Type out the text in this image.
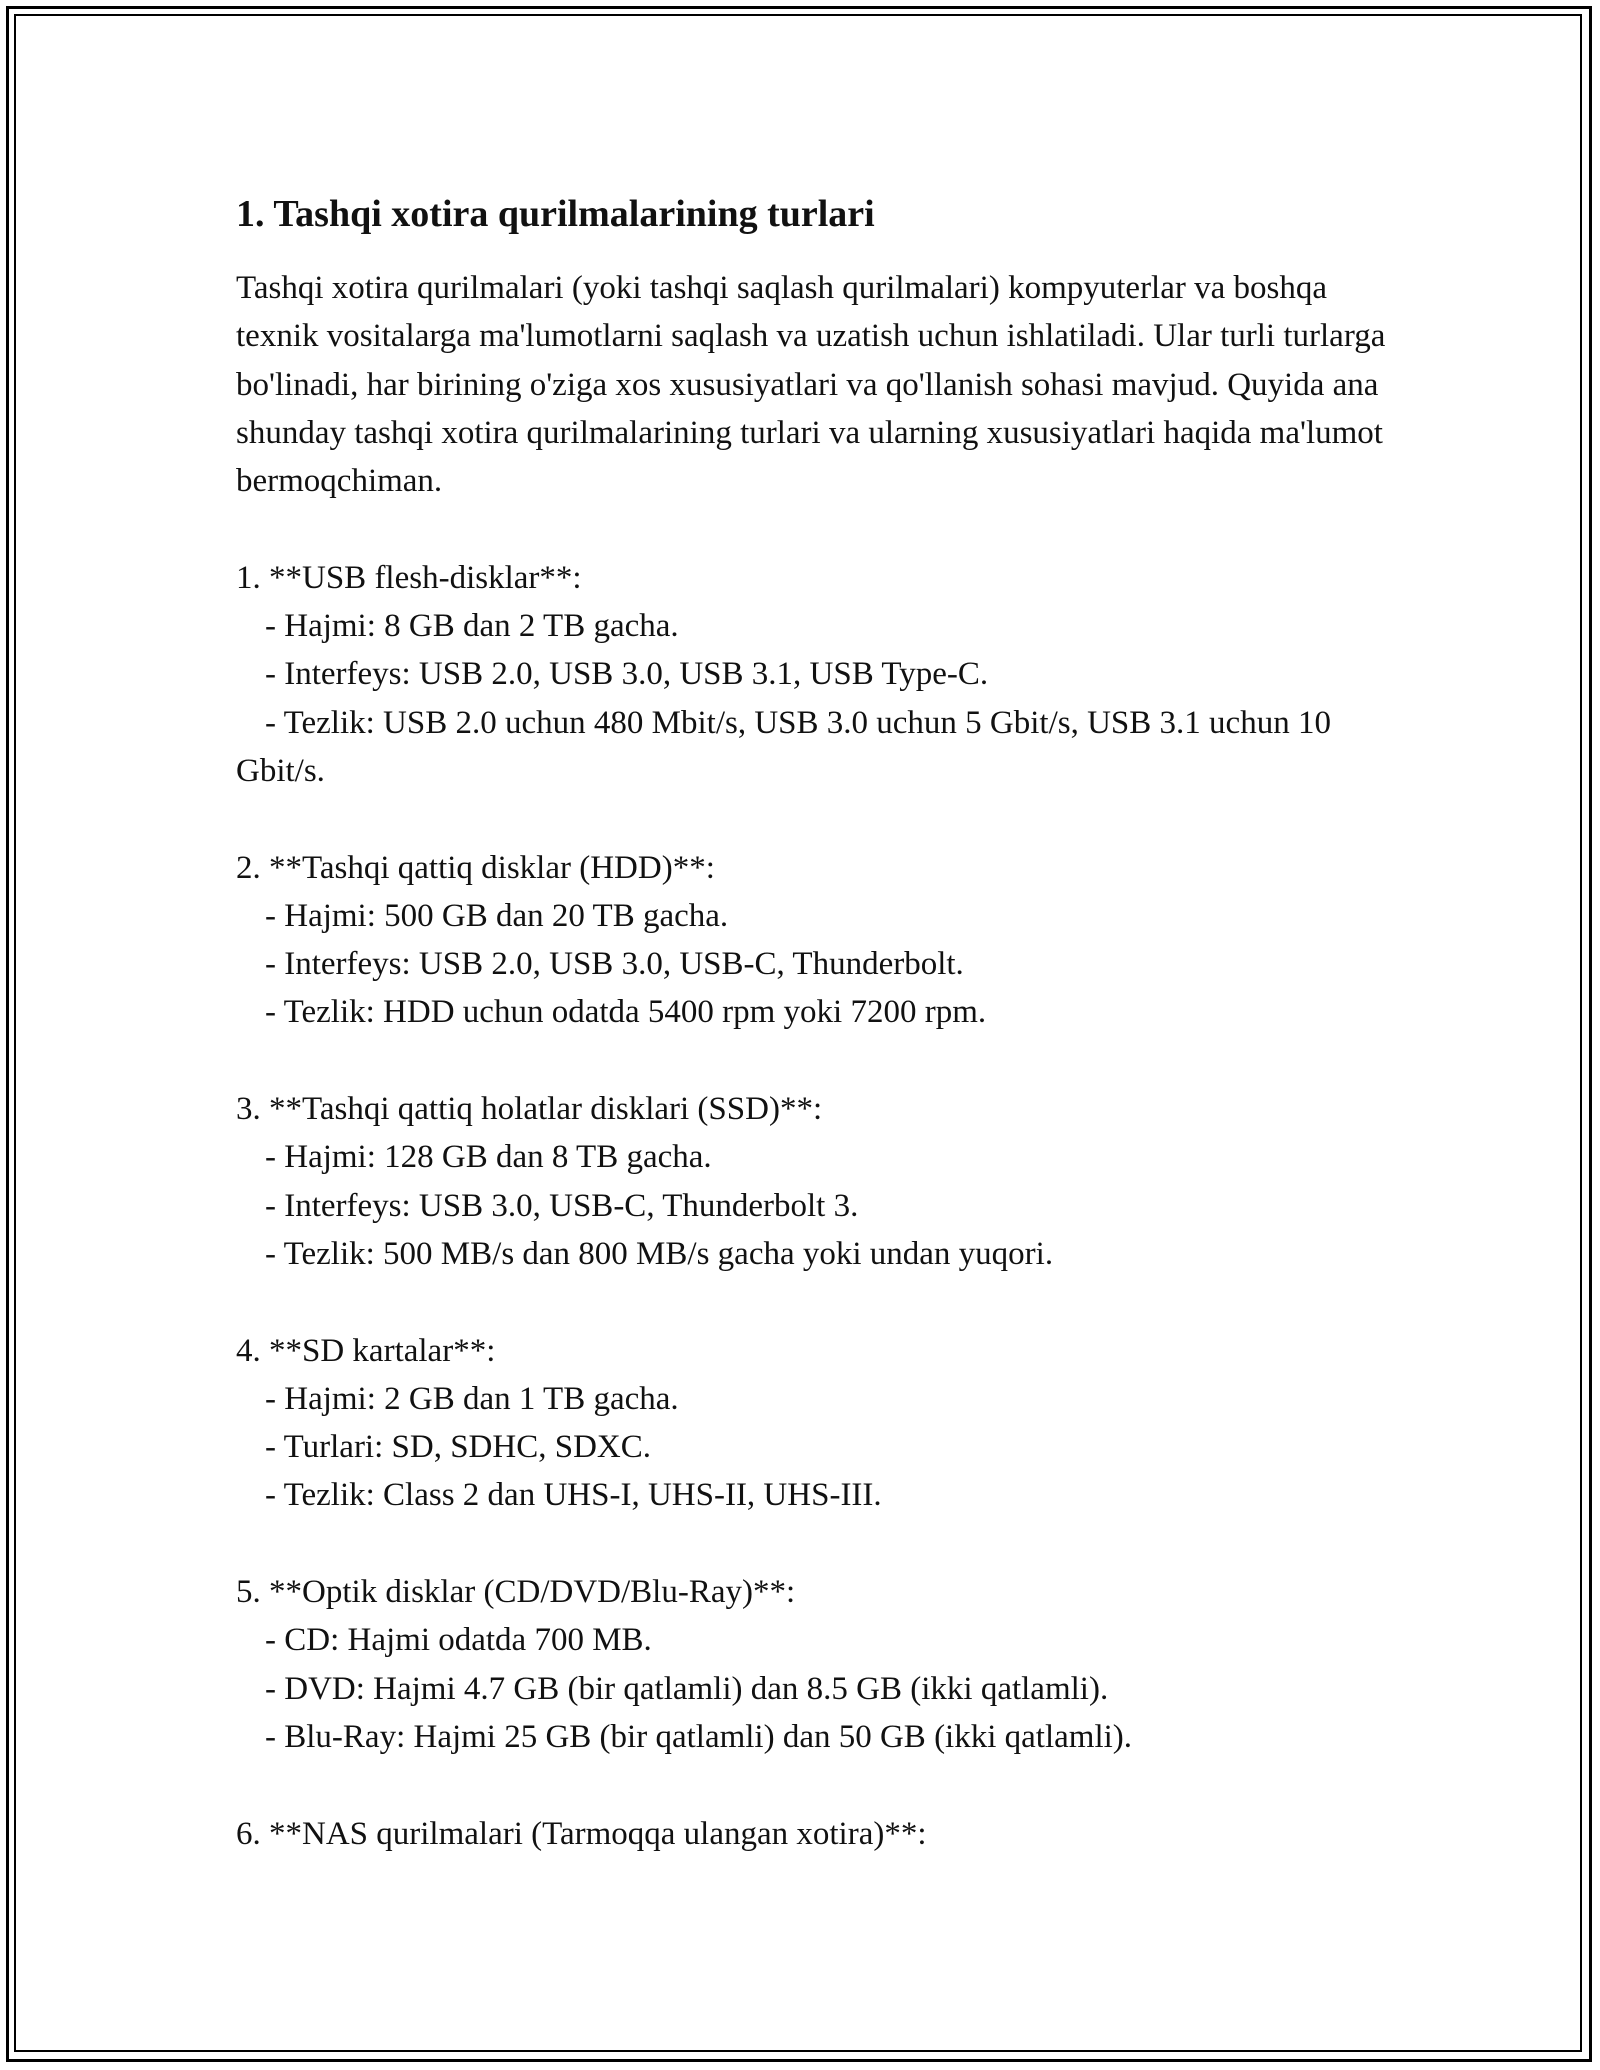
1. Tashqi xotira qurilmalarining turlari

Tashqi xotira qurilmalari (yoki tashqi saqlash qurilmalari) kompyuterlar va boshqa texnik vositalarga ma'lumotlarni saqlash va uzatish uchun ishlatiladi. Ular turli turlarga bo'linadi, har birining o'ziga xos xususiyatlari va qo'llanish sohasi mavjud. Quyida ana shunday tashqi xotira qurilmalarining turlari va ularning xususiyatlari haqida ma'lumot bermoqchiman.

1. **USB flesh-disklar**:
- Hajmi: 8 GB dan 2 TB gacha.
- Interfeys: USB 2.0, USB 3.0, USB 3.1, USB Type-C.
- Tezlik: USB 2.0 uchun 480 Mbit/s, USB 3.0 uchun 5 Gbit/s, USB 3.1 uchun 10 Gbit/s.
2. **Tashqi qattiq disklar (HDD)**:
- Hajmi: 500 GB dan 20 TB gacha.
- Interfeys: USB 2.0, USB 3.0, USB-C, Thunderbolt.
- Tezlik: HDD uchun odatda 5400 rpm yoki 7200 rpm.
3. **Tashqi qattiq holatlar disklari (SSD)**:
- Hajmi: 128 GB dan 8 TB gacha.
- Interfeys: USB 3.0, USB-C, Thunderbolt 3.
- Tezlik: 500 MB/s dan 800 MB/s gacha yoki undan yuqori.
4. **SD kartalar**:
- Hajmi: 2 GB dan 1 TB gacha.
- Turlari: SD, SDHC, SDXC.
- Tezlik: Class 2 dan UHS-I, UHS-II, UHS-III.
5. **Optik disklar (CD/DVD/Blu-Ray)**:
- CD: Hajmi odatda 700 MB.
- DVD: Hajmi 4.7 GB (bir qatlamli) dan 8.5 GB (ikki qatlamli).
- Blu-Ray: Hajmi 25 GB (bir qatlamli) dan 50 GB (ikki qatlamli).
6. **NAS qurilmalari (Tarmoqqa ulangan xotira)**:
